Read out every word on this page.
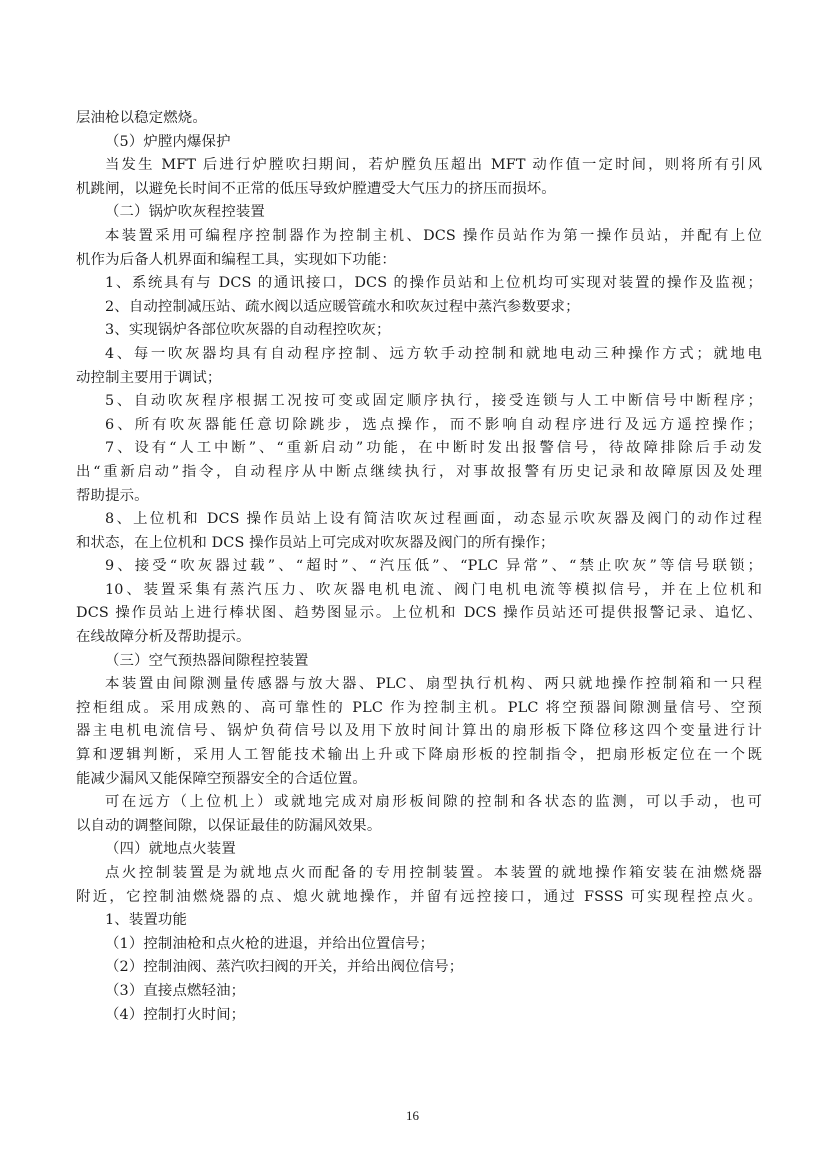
层油枪以稳定燃烧。
（5）炉膛内爆保护
当发生 MFT 后进行炉膛吹扫期间，若炉膛负压超出 MFT 动作值一定时间，则将所有引风
机跳闸，以避免长时间不正常的低压导致炉膛遭受大气压力的挤压而损坏。
（二）锅炉吹灰程控装置
本装置采用可编程序控制器作为控制主机、DCS 操作员站作为第一操作员站，并配有上位
机作为后备人机界面和编程工具，实现如下功能：
1、系统具有与 DCS 的通讯接口，DCS 的操作员站和上位机均可实现对装置的操作及监视；
2、自动控制减压站、疏水阀以适应暖管疏水和吹灰过程中蒸汽参数要求；
3、实现锅炉各部位吹灰器的自动程控吹灰；
4、每一吹灰器均具有自动程序控制、远方软手动控制和就地电动三种操作方式；就地电
动控制主要用于调试；
5、自动吹灰程序根据工况按可变或固定顺序执行，接受连锁与人工中断信号中断程序；
6、所有吹灰器能任意切除跳步，选点操作，而不影响自动程序进行及远方遥控操作；
7、设有“人工中断”、“重新启动”功能，在中断时发出报警信号，待故障排除后手动发
出“重新启动”指令，自动程序从中断点继续执行，对事故报警有历史记录和故障原因及处理
帮助提示。
8、上位机和 DCS 操作员站上设有简洁吹灰过程画面，动态显示吹灰器及阀门的动作过程
和状态，在上位机和 DCS 操作员站上可完成对吹灰器及阀门的所有操作；
9、接受“吹灰器过载”、“超时”、“汽压低”、“PLC 异常”、“禁止吹灰”等信号联锁；
10、装置采集有蒸汽压力、吹灰器电机电流、阀门电机电流等模拟信号，并在上位机和
DCS 操作员站上进行棒状图、趋势图显示。上位机和 DCS 操作员站还可提供报警记录、追忆、
在线故障分析及帮助提示。
（三）空气预热器间隙程控装置
本装置由间隙测量传感器与放大器、PLC、扇型执行机构、两只就地操作控制箱和一只程
控柜组成。采用成熟的、高可靠性的 PLC 作为控制主机。PLC 将空预器间隙测量信号、空预
器主电机电流信号、锅炉负荷信号以及用下放时间计算出的扇形板下降位移这四个变量进行计
算和逻辑判断，采用人工智能技术输出上升或下降扇形板的控制指令，把扇形板定位在一个既
能减少漏风又能保障空预器安全的合适位置。
可在远方（上位机上）或就地完成对扇形板间隙的控制和各状态的监测，可以手动，也可
以自动的调整间隙，以保证最佳的防漏风效果。
（四）就地点火装置
点火控制装置是为就地点火而配备的专用控制装置。本装置的就地操作箱安装在油燃烧器
附近，它控制油燃烧器的点、熄火就地操作，并留有远控接口，通过 FSSS 可实现程控点火。
1、装置功能
（1）控制油枪和点火枪的进退，并给出位置信号；
（2）控制油阀、蒸汽吹扫阀的开关，并给出阀位信号；
（3）直接点燃轻油；
（4）控制打火时间；
16
